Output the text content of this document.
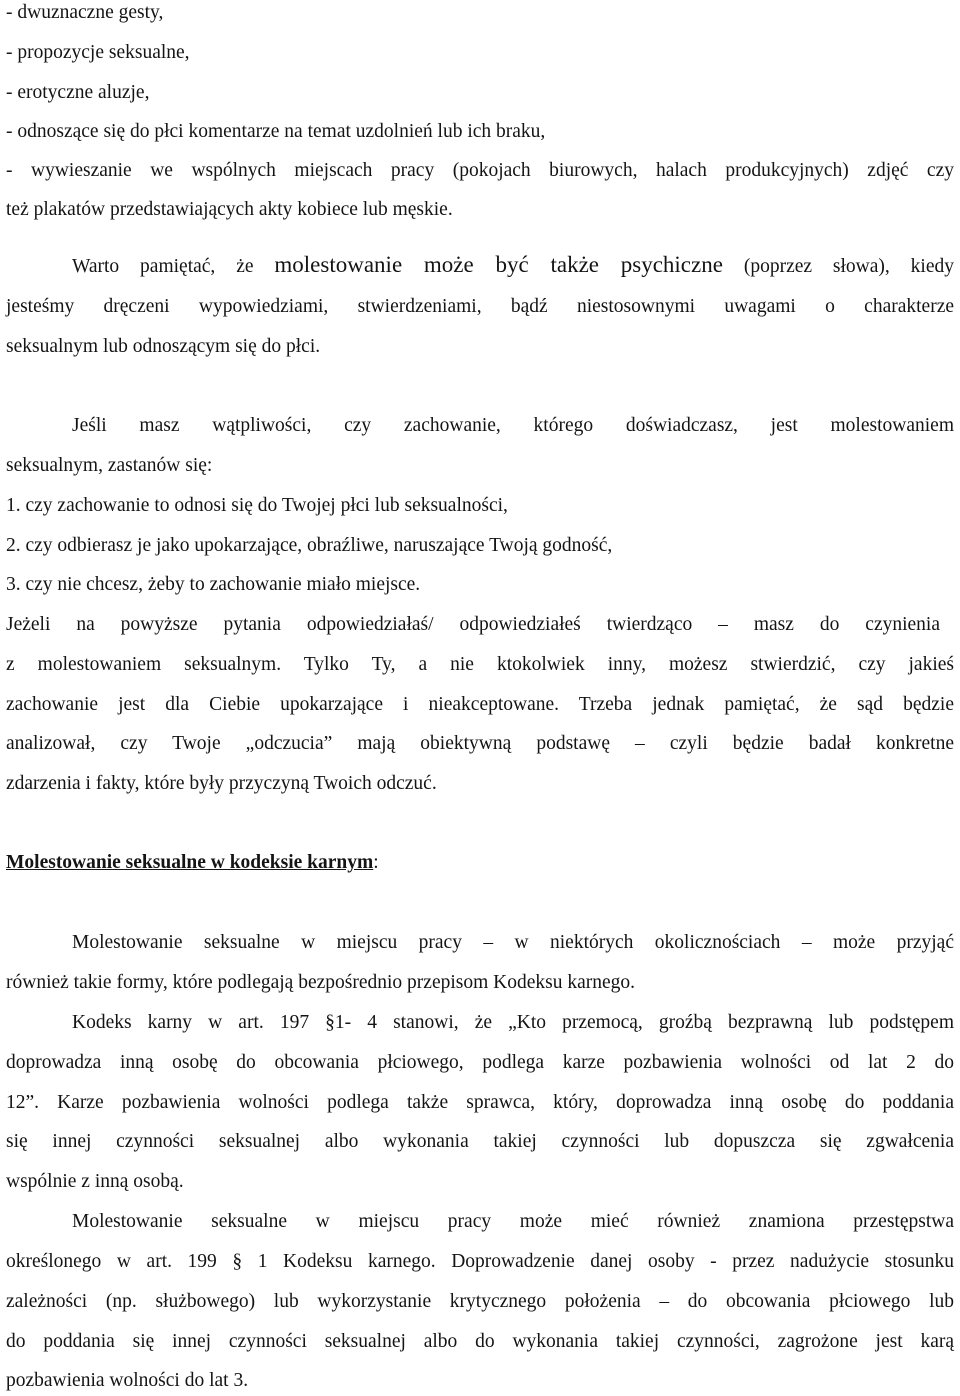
- dwuznaczne gesty,
- propozycje seksualne,
- erotyczne aluzje,
- odnoszące się do płci komentarze na temat uzdolnień lub ich braku,
- wywieszanie we wspólnych miejscach pracy (pokojach biurowych, halach produkcyjnych) zdjęć czy
też plakatów przedstawiających akty kobiece lub męskie.
Warto pamiętać, że molestowanie może być także psychiczne (poprzez słowa), kiedy
jesteśmy dręczeni wypowiedziami, stwierdzeniami, bądź niestosownymi uwagami o charakterze
seksualnym lub odnoszącym się do płci.
Jeśli masz wątpliwości, czy zachowanie, którego doświadczasz, jest molestowaniem
seksualnym, zastanów się:
1. czy zachowanie to odnosi się do Twojej płci lub seksualności,
2. czy odbierasz je jako upokarzające, obraźliwe, naruszające Twoją godność,
3. czy nie chcesz, żeby to zachowanie miało miejsce.
Jeżeli na powyższe pytania odpowiedziałaś/ odpowiedziałeś twierdząco – masz do czynienia
z molestowaniem seksualnym. Tylko Ty, a nie ktokolwiek inny, możesz stwierdzić, czy jakieś
zachowanie jest dla Ciebie upokarzające i nieakceptowane. Trzeba jednak pamiętać, że sąd będzie
analizował, czy Twoje „odczucia” mają obiektywną podstawę – czyli będzie badał konkretne
zdarzenia i fakty, które były przyczyną Twoich odczuć.
Molestowanie seksualne w kodeksie karnym:
Molestowanie seksualne w miejscu pracy – w niektórych okolicznościach – może przyjąć
również takie formy, które podlegają bezpośrednio przepisom Kodeksu karnego.
Kodeks karny w art. 197 §1- 4 stanowi, że „Kto przemocą, groźbą bezprawną lub podstępem
doprowadza inną osobę do obcowania płciowego, podlega karze pozbawienia wolności od lat 2 do
12”. Karze pozbawienia wolności podlega także sprawca, który, doprowadza inną osobę do poddania
się innej czynności seksualnej albo wykonania takiej czynności lub dopuszcza się zgwałcenia
wspólnie z inną osobą.
Molestowanie seksualne w miejscu pracy może mieć również znamiona przestępstwa
określonego w art. 199 § 1 Kodeksu karnego. Doprowadzenie danej osoby - przez nadużycie stosunku
zależności (np. służbowego) lub wykorzystanie krytycznego położenia – do obcowania płciowego lub
do poddania się innej czynności seksualnej albo do wykonania takiej czynności, zagrożone jest karą
pozbawienia wolności do lat 3.
